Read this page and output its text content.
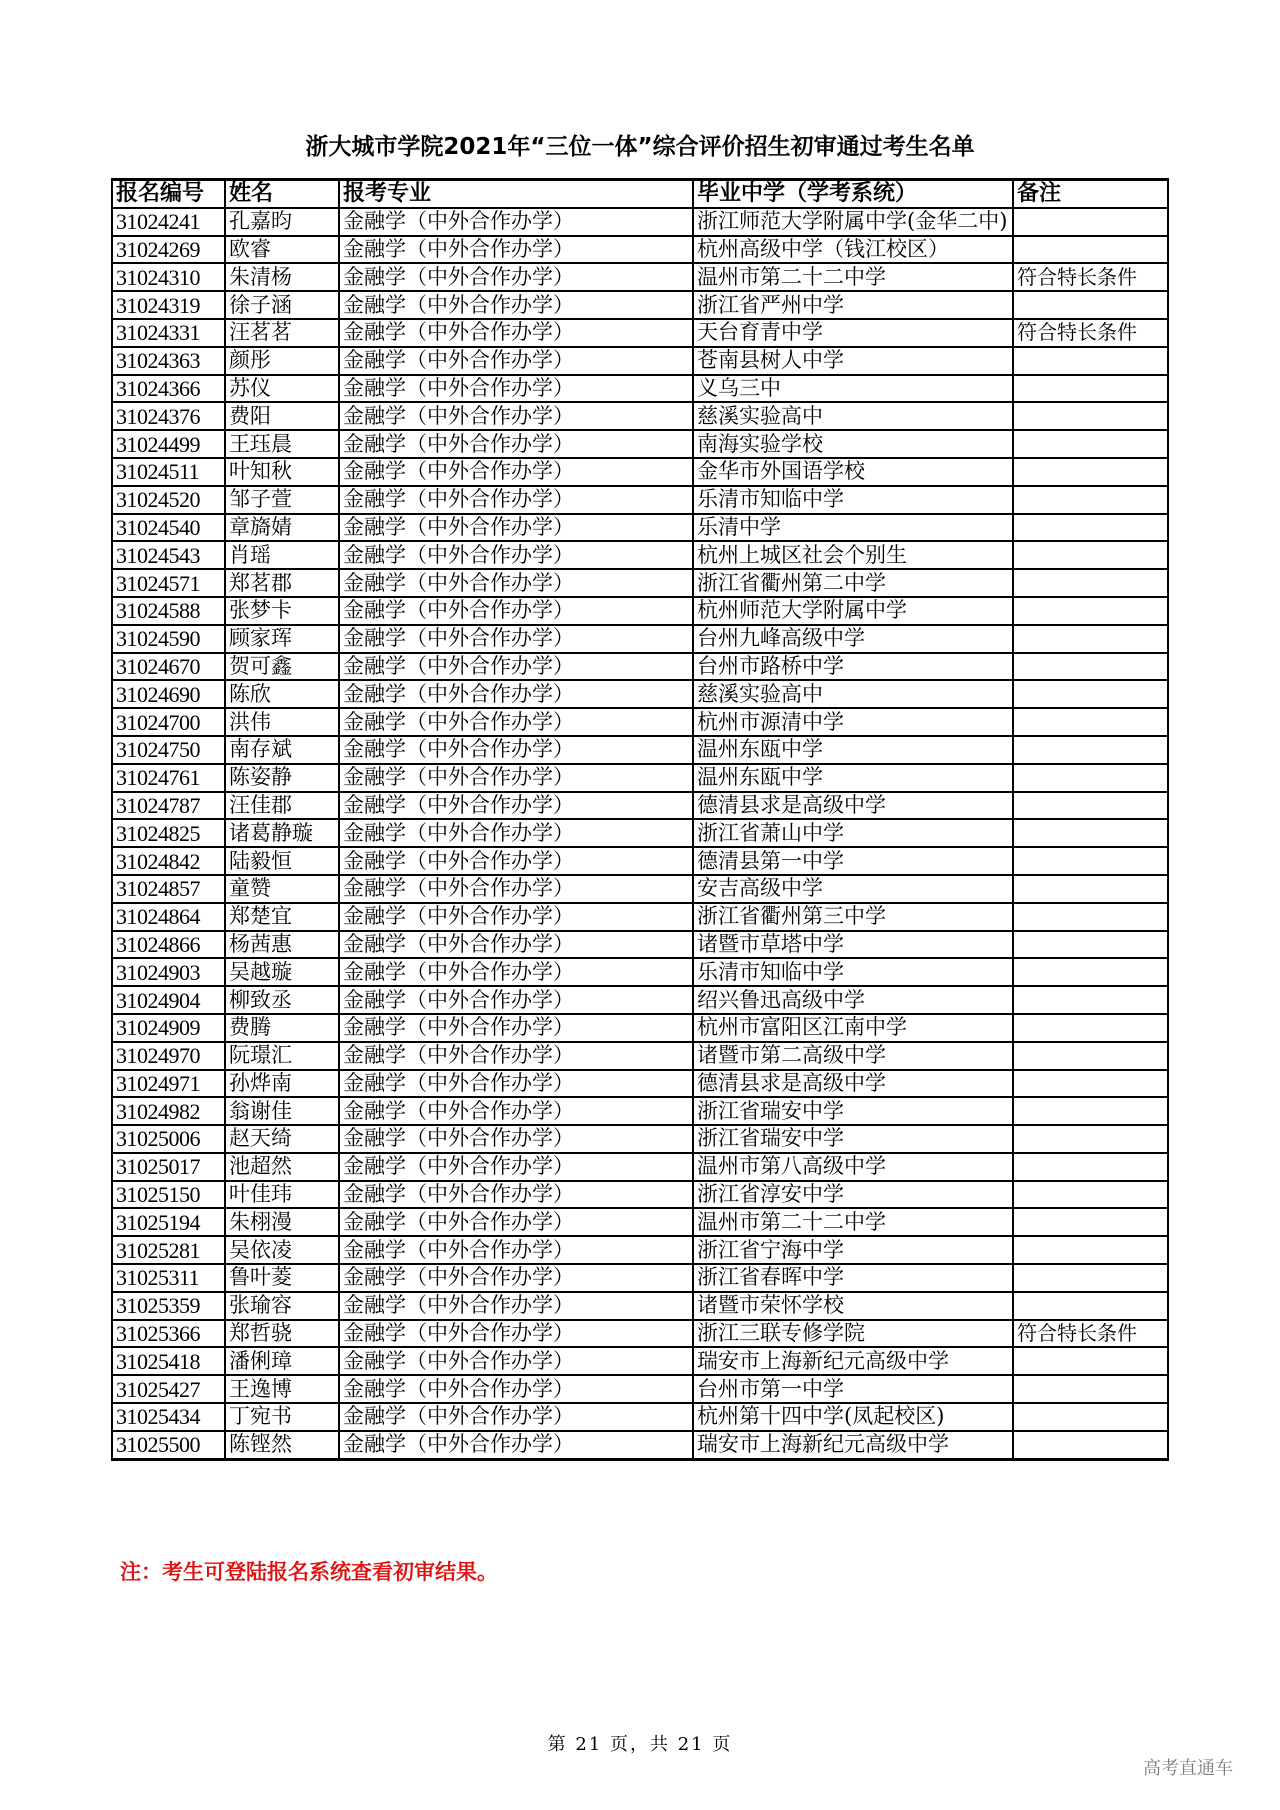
浙大城市学院2021年“三位一体”综合评价招生初审通过考生名单
报名编号	姓名	报考专业	毕业中学（学考系统）	备注
31024241	孔嘉昀	金融学（中外合作办学）	浙江师范大学附属中学(金华二中)	
31024269	欧睿	金融学（中外合作办学）	杭州高级中学（钱江校区）	
31024310	朱清杨	金融学（中外合作办学）	温州市第二十二中学	符合特长条件
31024319	徐子涵	金融学（中外合作办学）	浙江省严州中学	
31024331	汪茗茗	金融学（中外合作办学）	天台育青中学	符合特长条件
31024363	颜彤	金融学（中外合作办学）	苍南县树人中学	
31024366	苏仪	金融学（中外合作办学）	义乌三中	
31024376	费阳	金融学（中外合作办学）	慈溪实验高中	
31024499	王珏晨	金融学（中外合作办学）	南海实验学校	
31024511	叶知秋	金融学（中外合作办学）	金华市外国语学校	
31024520	邹子萱	金融学（中外合作办学）	乐清市知临中学	
31024540	章旖婧	金融学（中外合作办学）	乐清中学	
31024543	肖瑶	金融学（中外合作办学）	杭州上城区社会个别生	
31024571	郑茗郡	金融学（中外合作办学）	浙江省衢州第二中学	
31024588	张梦卡	金融学（中外合作办学）	杭州师范大学附属中学	
31024590	顾家珲	金融学（中外合作办学）	台州九峰高级中学	
31024670	贺可鑫	金融学（中外合作办学）	台州市路桥中学	
31024690	陈欣	金融学（中外合作办学）	慈溪实验高中	
31024700	洪伟	金融学（中外合作办学）	杭州市源清中学	
31024750	南存斌	金融学（中外合作办学）	温州东瓯中学	
31024761	陈姿静	金融学（中外合作办学）	温州东瓯中学	
31024787	汪佳郡	金融学（中外合作办学）	德清县求是高级中学	
31024825	诸葛静璇	金融学（中外合作办学）	浙江省萧山中学	
31024842	陆毅恒	金融学（中外合作办学）	德清县第一中学	
31024857	童赞	金融学（中外合作办学）	安吉高级中学	
31024864	郑楚宜	金融学（中外合作办学）	浙江省衢州第三中学	
31024866	杨茜惠	金融学（中外合作办学）	诸暨市草塔中学	
31024903	吴越璇	金融学（中外合作办学）	乐清市知临中学	
31024904	柳致丞	金融学（中外合作办学）	绍兴鲁迅高级中学	
31024909	费腾	金融学（中外合作办学）	杭州市富阳区江南中学	
31024970	阮璟汇	金融学（中外合作办学）	诸暨市第二高级中学	
31024971	孙烨南	金融学（中外合作办学）	德清县求是高级中学	
31024982	翁谢佳	金融学（中外合作办学）	浙江省瑞安中学	
31025006	赵天绮	金融学（中外合作办学）	浙江省瑞安中学	
31025017	池超然	金融学（中外合作办学）	温州市第八高级中学	
31025150	叶佳玮	金融学（中外合作办学）	浙江省淳安中学	
31025194	朱栩漫	金融学（中外合作办学）	温州市第二十二中学	
31025281	吴依凌	金融学（中外合作办学）	浙江省宁海中学	
31025311	鲁叶菱	金融学（中外合作办学）	浙江省春晖中学	
31025359	张瑜容	金融学（中外合作办学）	诸暨市荣怀学校	
31025366	郑哲骁	金融学（中外合作办学）	浙江三联专修学院	符合特长条件
31025418	潘俐璋	金融学（中外合作办学）	瑞安市上海新纪元高级中学	
31025427	王逸博	金融学（中外合作办学）	台州市第一中学	
31025434	丁宛书	金融学（中外合作办学）	杭州第十四中学(凤起校区)	
31025500	陈铿然	金融学（中外合作办学）	瑞安市上海新纪元高级中学	
注：考生可登陆报名系统查看初审结果。
第 21 页，共 21 页
高考直通车
